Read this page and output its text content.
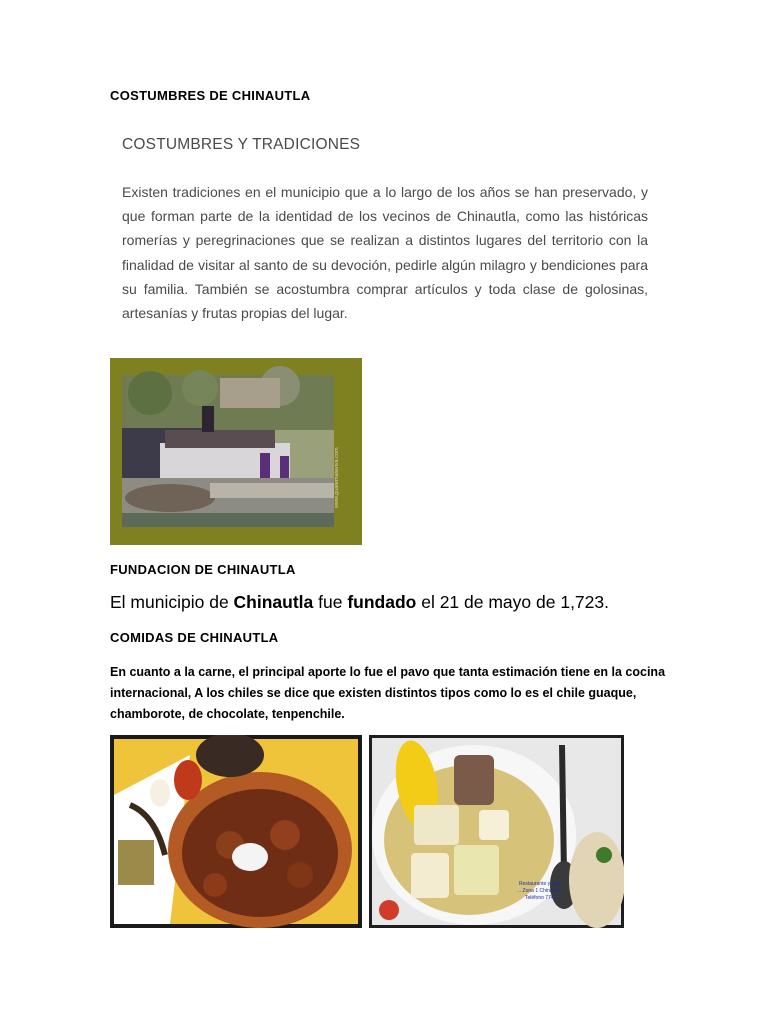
COSTUMBRES DE CHINAUTLA
COSTUMBRES Y TRADICIONES
Existen tradiciones en el municipio que a lo largo de los años se han preservado, y que forman parte de la identidad de los vecinos de Chinautla, como las históricas romerías y peregrinaciones que se realizan a distintos lugares del territorio con la finalidad de visitar al santo de su devoción, pedirle algún milagro y bendiciones para su familia. También se acostumbra comprar artículos y toda clase de golosinas, artesanías y frutas propias del lugar.
www.guatemalaviva.com
FUNDACION DE CHINAUTLA
El municipio de Chinautla fue fundado el 21 de mayo de 1,723.
COMIDAS DE CHINAUTLA
En cuanto a la carne, el principal aporte lo fue el pavo que tanta estimación tiene en la cocina internacional, A los chiles se dice que existen distintos tipos como lo es el chile guaque, chamborote, de chocolate, tenpenchile.
Restaurante y café ...
... Zona 1 Chinautla ...
Teléfono 7741...
